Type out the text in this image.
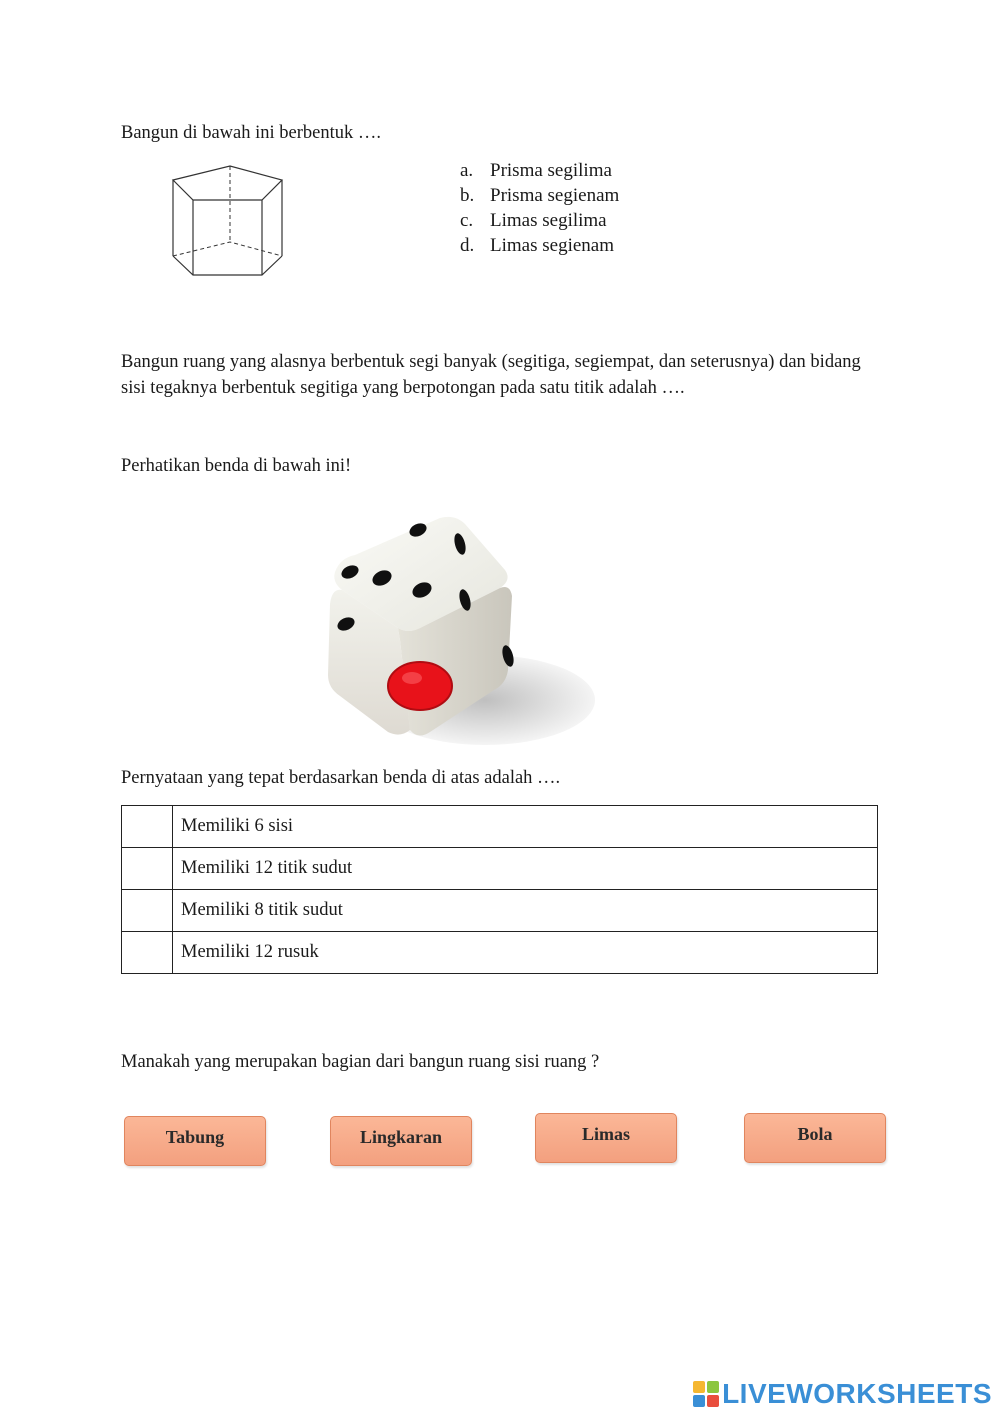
Bangun di bawah ini berbentuk ….

a. Prisma segilima
b. Prisma segienam
c. Limas segilima
d. Limas segienam

Bangun ruang yang alasnya berbentuk segi banyak (segitiga, segiempat, dan seterusnya) dan bidang sisi tegaknya berbentuk segitiga yang berpotongan pada satu titik adalah ….

Perhatikan benda di bawah ini!

Pernyataan yang tepat berdasarkan benda di atas adalah ….

	Memiliki 6 sisi
	Memiliki 12 titik sudut
	Memiliki 8 titik sudut
	Memiliki 12 rusuk

Manakah yang merupakan bagian dari bangun ruang sisi ruang ?

Tabung	Lingkaran	Limas	Bola
LIVEWORKSHEETS
